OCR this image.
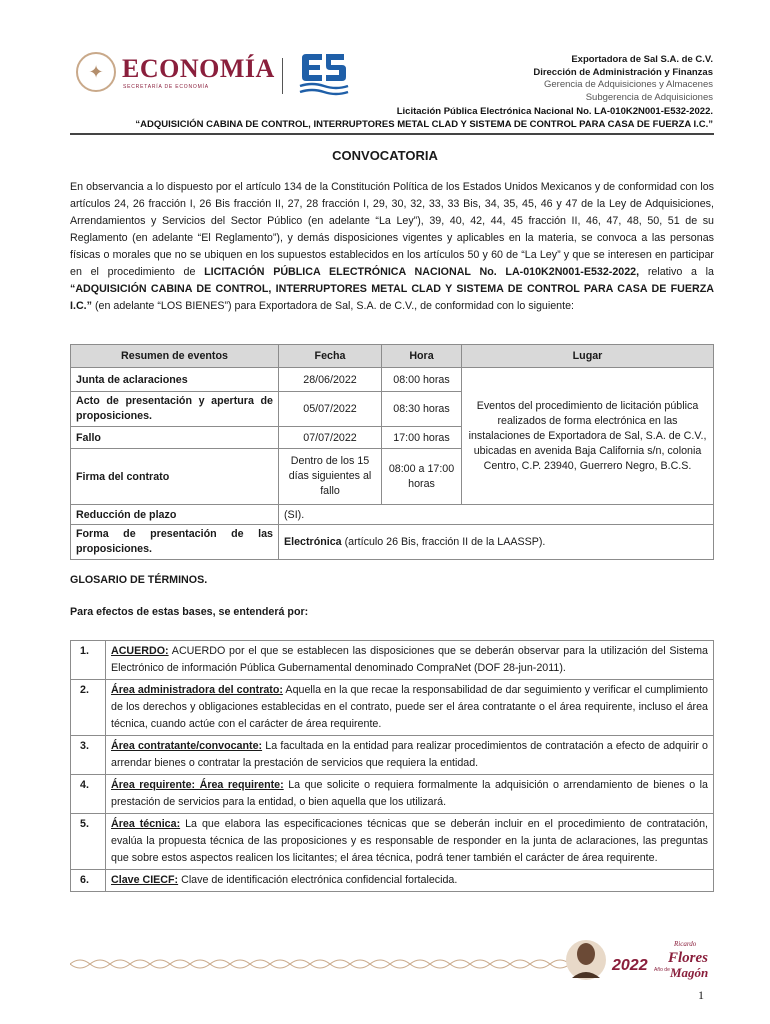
✦ ECONOMÍA
SECRETARÍA DE ECONOMÍA
Exportadora de Sal S.A. de C.V.
Dirección de Administración y Finanzas
Gerencia de Adquisiciones y Almacenes
Subgerencia de Adquisiciones
Licitación Pública Electrónica Nacional No. LA-010K2N001-E532-2022.
“ADQUISICIÓN CABINA DE CONTROL, INTERRUPTORES METAL CLAD Y SISTEMA DE CONTROL PARA CASA DE FUERZA I.C.”
CONVOCATORIA
En observancia a lo dispuesto por el artículo 134 de la Constitución Política de los Estados Unidos Mexicanos y de conformidad con los artículos 24, 26 fracción I, 26 Bis fracción II, 27, 28 fracción I, 29, 30, 32, 33, 33 Bis, 34, 35, 45, 46 y 47 de la Ley de Adquisiciones, Arrendamientos y Servicios del Sector Público (en adelante “La Ley”), 39, 40, 42, 44, 45 fracción II, 46, 47, 48, 50, 51 de su Reglamento (en adelante “El Reglamento”), y demás disposiciones vigentes y aplicables en la materia, se convoca a las personas físicas o morales que no se ubiquen en los supuestos establecidos en los artículos 50 y 60 de “La Ley” y que se interesen en participar en el procedimiento de LICITACIÓN PÚBLICA ELECTRÓNICA NACIONAL No. LA-010K2N001-E532-2022, relativo a la “ADQUISICIÓN CABINA DE CONTROL, INTERRUPTORES METAL CLAD Y SISTEMA DE CONTROL PARA CASA DE FUERZA I.C.” (en adelante “LOS BIENES”) para Exportadora de Sal, S.A. de C.V., de conformidad con lo siguiente:
Resumen de eventos	Fecha	Hora	Lugar
Junta de aclaraciones	28/06/2022	08:00 horas	Eventos del procedimiento de licitación pública realizados de forma electrónica en las instalaciones de Exportadora de Sal, S.A. de C.V., ubicadas en avenida Baja California s/n, colonia Centro, C.P. 23940, Guerrero Negro, B.C.S.
Acto de presentación y apertura de proposiciones.	05/07/2022	08:30 horas	
Fallo	07/07/2022	17:00 horas	
Firma del contrato	Dentro de los 15 días siguientes al fallo	08:00 a 17:00 horas	
Reducción de plazo	(SI).		
Forma de presentación de las proposiciones.	Electrónica (artículo 26 Bis, fracción II de la LAASSP).		
GLOSARIO DE TÉRMINOS.
Para efectos de estas bases, se entenderá por:
1.	ACUERDO: ACUERDO por el que se establecen las disposiciones que se deberán observar para la utilización del Sistema Electrónico de información Pública Gubernamental denominado CompraNet (DOF 28-jun-2011).
2.	Área administradora del contrato: Aquella en la que recae la responsabilidad de dar seguimiento y verificar el cumplimiento de los derechos y obligaciones establecidas en el contrato, puede ser el área contratante o el área requirente, incluso el área técnica, cuando actúe con el carácter de área requirente.
3.	Área contratante/convocante: La facultada en la entidad para realizar procedimientos de contratación a efecto de adquirir o arrendar bienes o contratar la prestación de servicios que requiera la entidad.
4.	Área requirente: Área requirente: La que solicite o requiera formalmente la adquisición o arrendamiento de bienes o la prestación de servicios para la entidad, o bien aquella que los utilizará.
5.	Área técnica: La que elabora las especificaciones técnicas que se deberán incluir en el procedimiento de contratación, evalúa la propuesta técnica de las proposiciones y es responsable de responder en la junta de aclaraciones, las preguntas que sobre estos aspectos realicen los licitantes; el área técnica, podrá tener también el carácter de área requirente.
6.	Clave CIECF: Clave de identificación electrónica confidencial fortalecida.
2022 Año de
Ricardo
Flores
Magón
1
